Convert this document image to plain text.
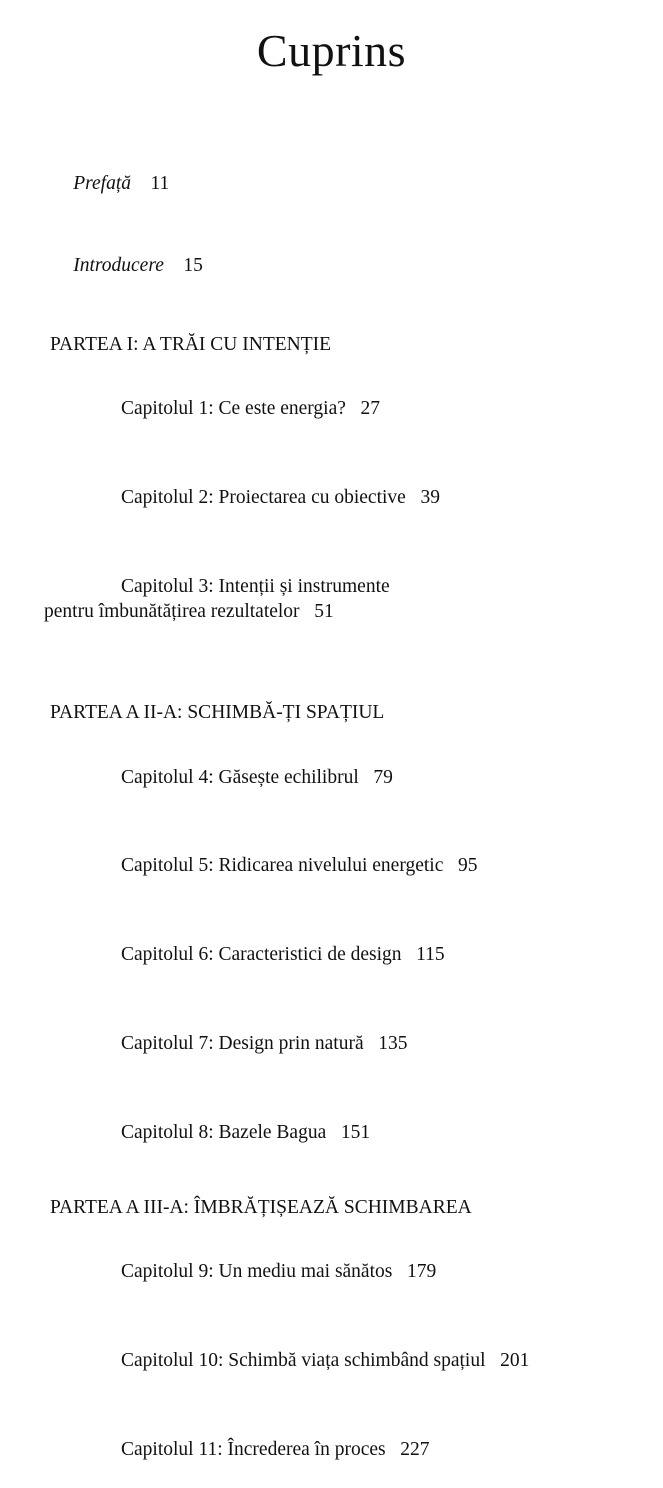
Cuprins

Prefață 11

Introducere 15

PARTEA I: A TRĂI CU INTENȚIE

Capitolul 1: Ce este energia? 27

Capitolul 2: Proiectarea cu obiective 39

Capitolul 3: Intenții și instrumente
pentru îmbunătățirea rezultatelor 51

PARTEA A II-A: SCHIMBĂ-ȚI SPAȚIUL

Capitolul 4: Găsește echilibrul 79

Capitolul 5: Ridicarea nivelului energetic 95

Capitolul 6: Caracteristici de design 115

Capitolul 7: Design prin natură 135

Capitolul 8: Bazele Bagua 151

PARTEA A III-A: ÎMBRĂȚIȘEAZĂ SCHIMBAREA

Capitolul 9: Un mediu mai sănătos 179

Capitolul 10: Schimbă viața schimbând spațiul 201

Capitolul 11: Încrederea în proces 227
